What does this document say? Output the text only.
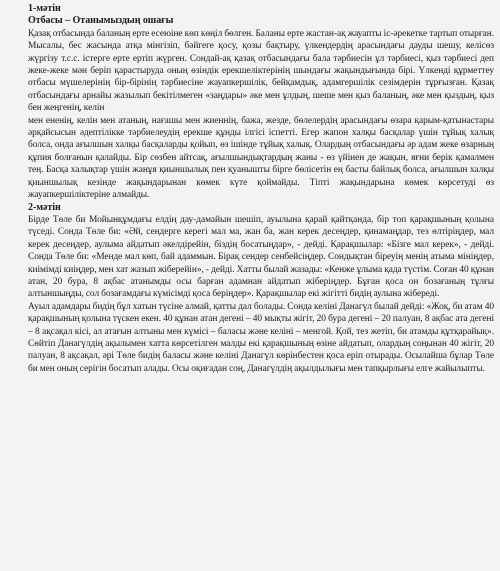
1-мәтін
Отбасы – Отанымыздың ошағы

Қазақ отбасында баланың ерте есеюіне көп көңіл бөлген. Баланы ерте жастан-ақ жауапты іс-әрекетке тартып отырған. Мысалы, бес жасында атқа мінгізіп, бәйгеге қосу, қозы бақтыру, үлкендердің арасындағы дауды шешу, келісөз жүргізу т.с.с. істерге ерте ертіп жүрген. Сондай-ақ қазақ отбасындағы бала тәрбиесін ұл тәрбиесі, қыз тәрбиесі деп жеке-жеке мән беріп қарастыруда оның өзіндік ерекшеліктерінің шындағы жақындығында бірі. Үлкенді құрметтеу отбасы мүшелерінің бір-бірінің тәрбиесіне жауапкершілік, бейқамдық, адамгершілік сезімдерін тұрғызған. Қазақ отбасындағы арнайы жазылып бекітілмеген «заңдары» әке мен ұлдың, шеше мен қыз баланың, әке мен қыздың, қыз бен жеңгенің, келін

мен ененің, келін мен атаның, нағашы мен жиеннің, бажа, жезде, бөлелердің арасындағы өзара қарым-қатынастары әрқайсысын әдептілікке тәрбиелеудің ерекше құнды ілгісі іспетті. Егер жапон халқы басқалар үшін тұйық халық болса, онда ағылшын халқы басқаларды қойып, өз ішінде тұйық халық. Олардың отбасындағы әр адам жеке өзарның құпия болғанын қалайды. Бір сөзбен айтсақ, ағылшындықтардың жаны - өз үйінен де жақын, яғни берік қамалмен тең. Басқа халықтар үшін жанұя қиыншылық пен қуанышты бірге бөлісетін ең басты байлық болса, ағылшын халқы қиыншылық кезінде жақындарынан көмек күте қоймайды. Тіпті жақындарына көмек көрсетуді өз жауапкершіліктеріне алмайды.

2-мәтін

Бірде Төле би Мойынқұмдағы елдің дау-дамайын шешіп, ауылына қарай қайтқанда, бір топ қарақшының қолына түседі. Сонда Төле би: «Әй, сендерге керегі мал ма, жан ба, жан керек десеңдер, қинамаңдар, тез өлтіріңдер, мал керек десеңдер, аулыма айдатып әкелдірейін, біздің босатыңдар», - дейді. Қарақшылар: «Бізге мал керек», - дейді. Сонда Төле би: «Менде мал көп, бай адаммын. Бірақ сендер сенбейсіңдер. Сондықтан біреуің менің атыма мініңдер, киімімді киіңдер, мен хат жазып жіберейін», - дейді. Хатты былай жазады: «Кенже ұлыма қада түстім. Соған 40 құнан атан, 20 бура, 8 ақбас атанымды осы барған адамнан айдатып жіберіңдер. Бұған қоса он бозағаның тұлғы алтыншыңды, сол бозағамдағы күмісімді қоса беріңдер». Қарақшылар екі жігітті бидің аулына жібереді.

Ауыл адамдары бидің бұл хатын түсіне алмай, қатты дал болады. Сонда келіні Данагүл былай дейді: «Жоқ, би атам 40 қарақшының қолына түскен екен. 40 құнан атан дегені – 40 мықты жігіт, 20 бура дегені – 20 палуан, 8 ақбас ата дегені – 8 ақсақал кісі, ал атағын алтыны мен күмісі – баласы және келіні – менгой. Қой, тез жетіп, би атамды құтқарайық». Сөйтіп Данагүлдің ақылымен хатта көрсетілген малды екі қарақшының өзіне айдатып, олардың соңынан 40 жігіт, 20 палуан, 8 ақсақал, әрі Төле бидің баласы және келіні Данагүл көрінбестен қоса еріп отырады. Осылайша бұлар Төле би мен оның серігін босатып алады. Осы оқиғадан соң, Данагүлдің ақылдылығы мен тапқырлығы елге жайылыпты.
